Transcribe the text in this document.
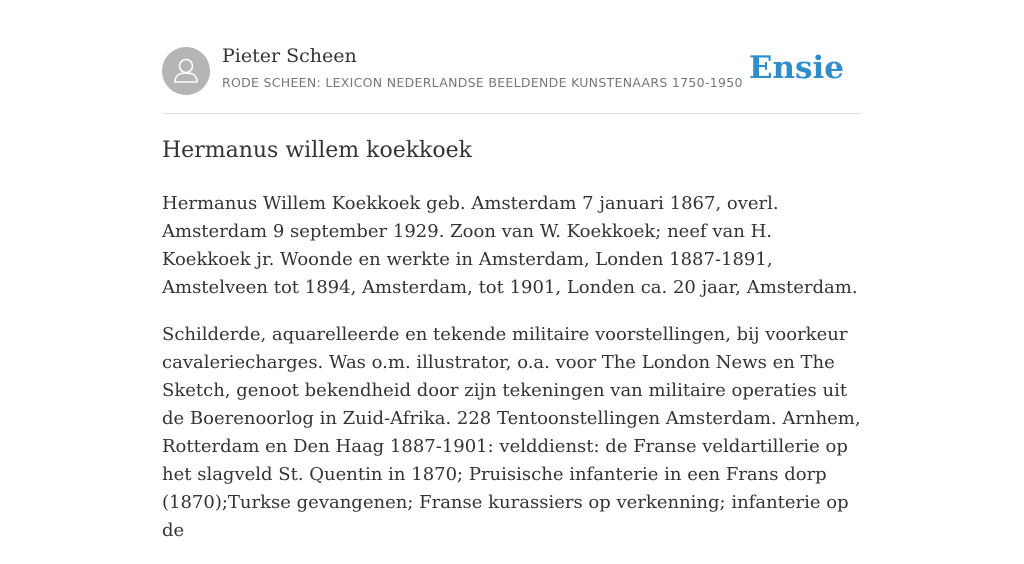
Pieter Scheen
RODE SCHEEN: LEXICON NEDERLANDSE BEELDENDE KUNSTENAARS 1750-1950 Ensie
Hermanus willem koekkoek

Hermanus Willem Koekkoek geb. Amsterdam 7 januari 1867, overl. Amsterdam 9 september 1929. Zoon van W. Koekkoek; neef van H. Koekkoek jr. Woonde en werkte in Amsterdam, Londen 1887-1891, Amstelveen tot 1894, Amsterdam, tot 1901, Londen ca. 20 jaar, Amsterdam.

Schilderde, aquarelleerde en tekende militaire voorstellingen, bij voorkeur cavaleriecharges. Was o.m. illustrator, o.a. voor The London News en The Sketch, genoot bekendheid door zijn tekeningen van militaire operaties uit de Boerenoorlog in Zuid-Afrika. 228 Tentoonstellingen Amsterdam. Arnhem, Rotterdam en Den Haag 1887-1901: velddienst: de Franse veldartillerie op het slagveld St. Quentin in 1870; Pruisische infanterie in een Frans dorp (1870);Turkse gevangenen; Franse kurassiers op verkenning; infanterie op de
